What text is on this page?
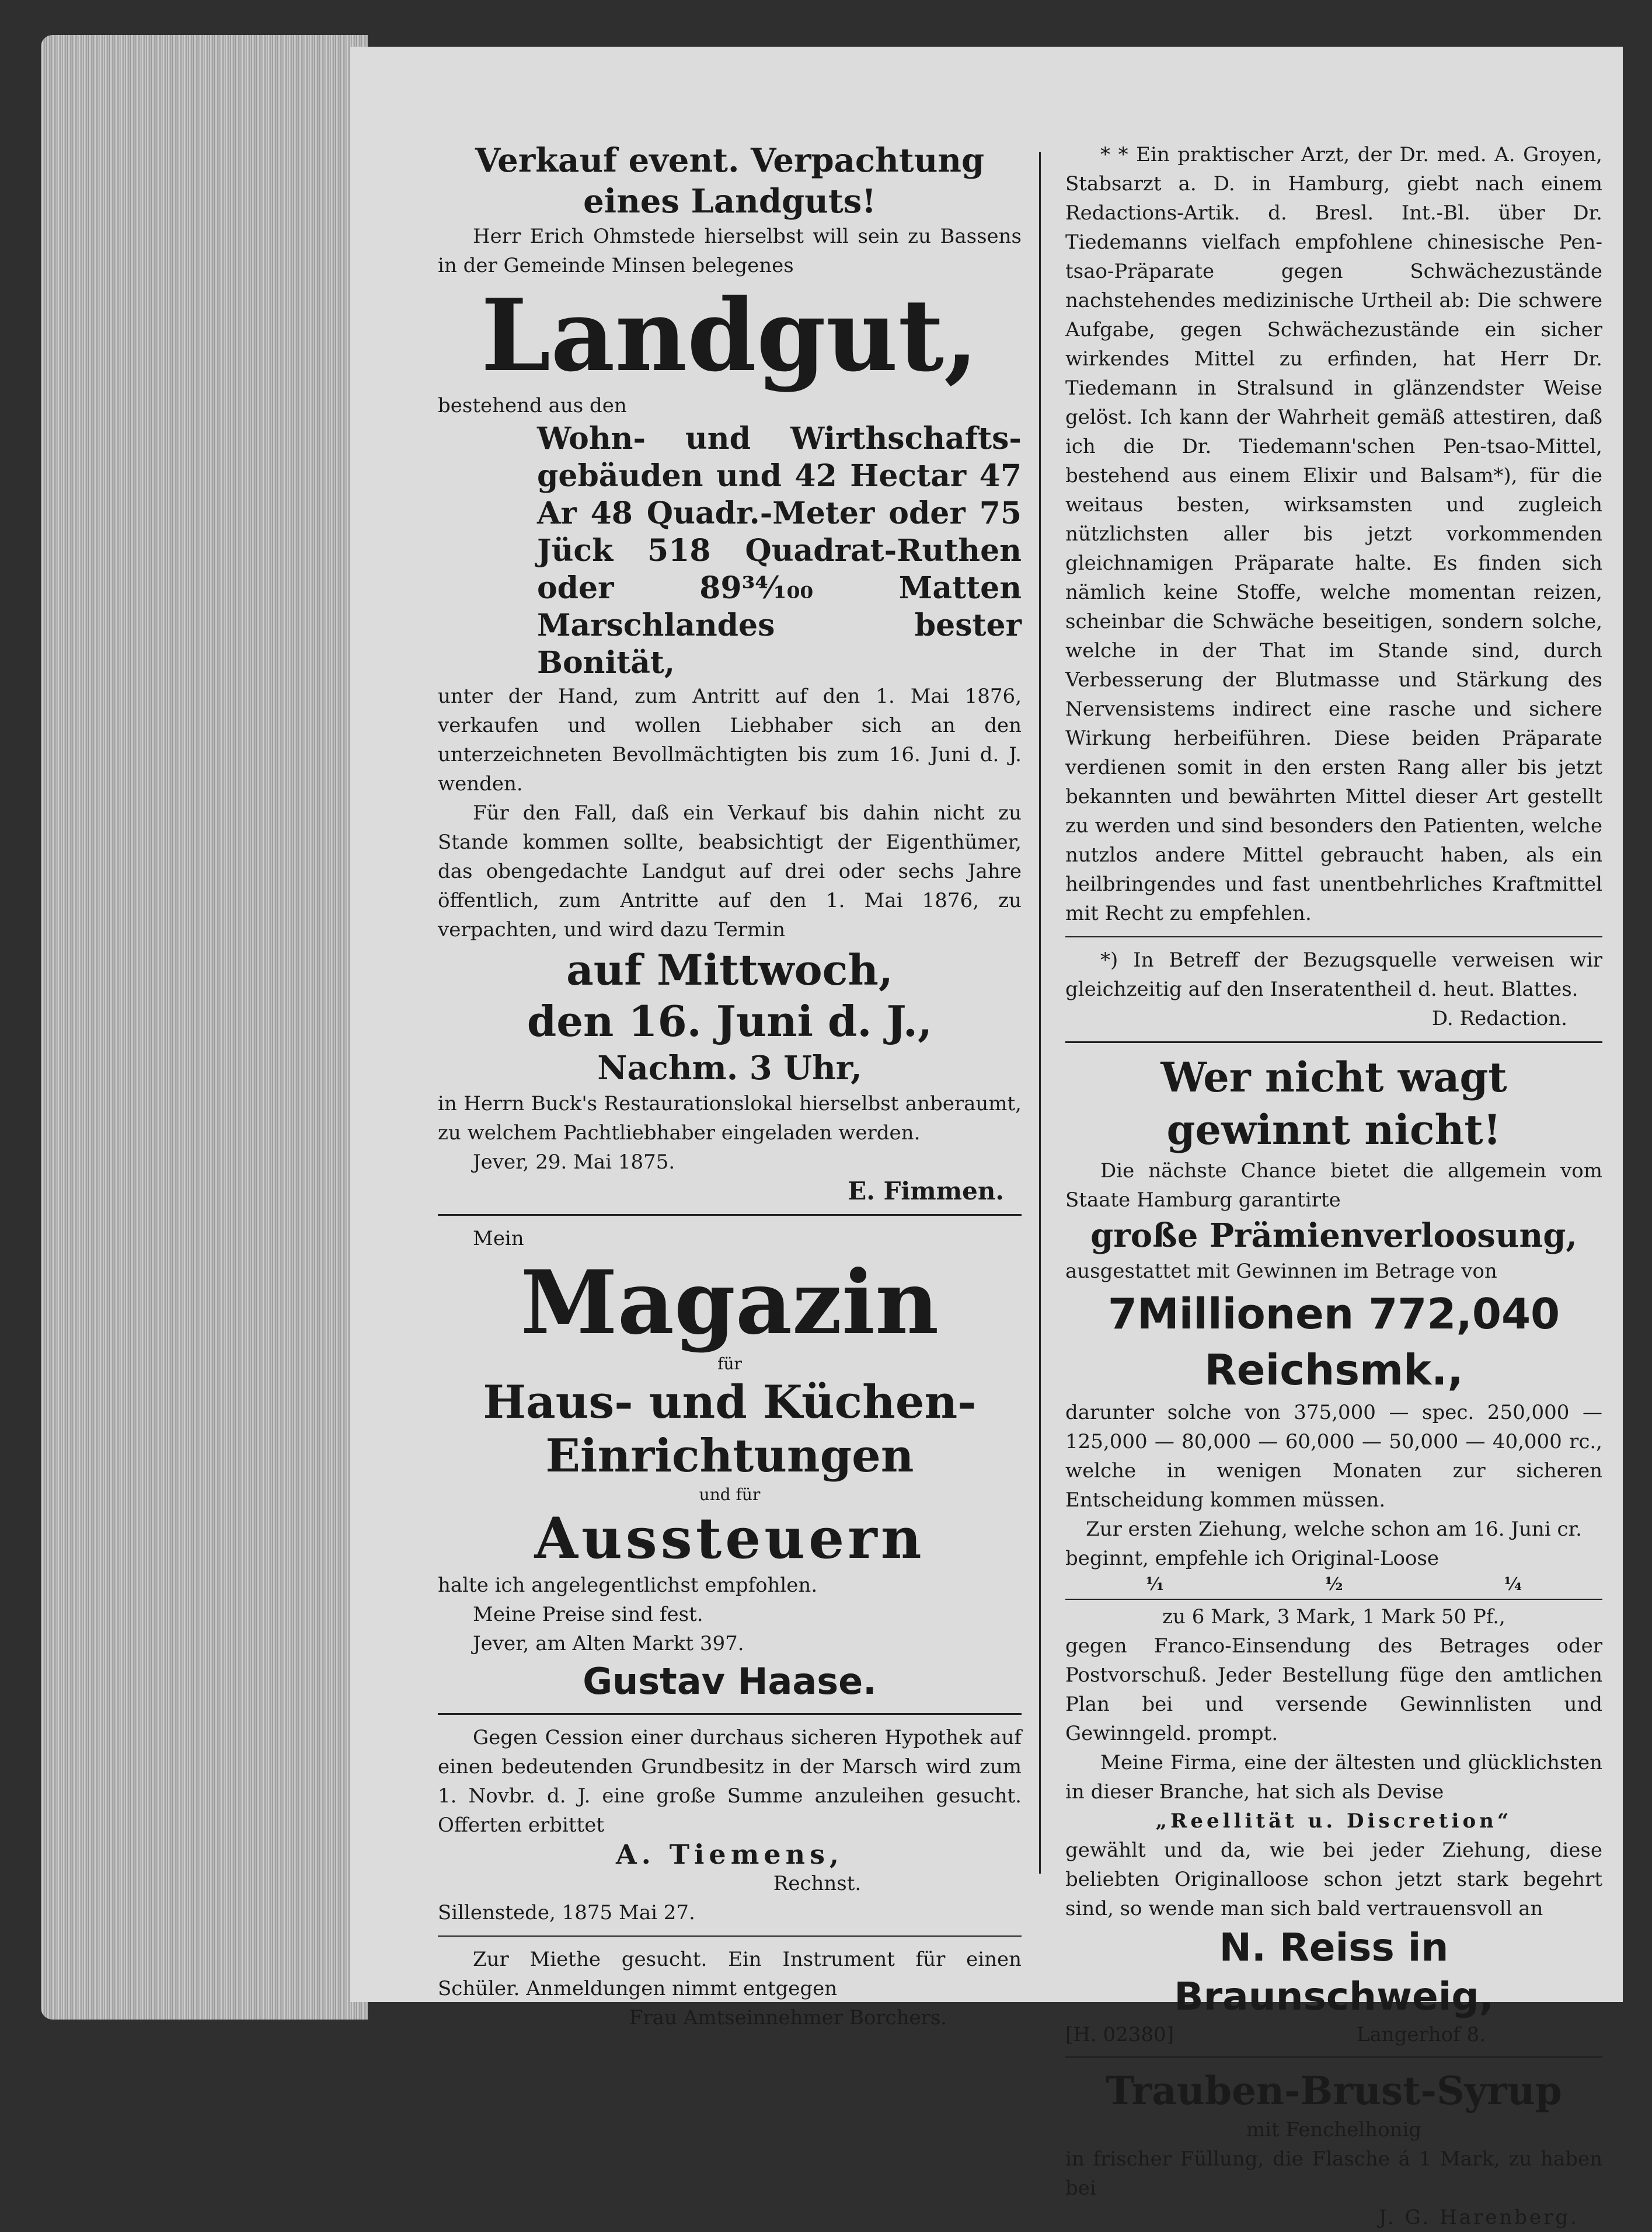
Verkauf event. Verpachtung eines Landguts!

Herr Erich Ohmstede hierselbst will sein zu Bassens in der Gemeinde Minsen belegenes

Landgut,

bestehend aus den

Wohn- und Wirthschafts-gebäuden und 42 Hectar 47 Ar 48 Quadr.-Meter oder 75 Jück 518 Quadrat-Ruthen oder 89³⁴⁄₁₀₀ Matten Marschlandes bester Bonität,

unter der Hand, zum Antritt auf den 1. Mai 1876, verkaufen und wollen Liebhaber sich an den unterzeichneten Bevollmächtigten bis zum 16. Juni d. J. wenden.

Für den Fall, daß ein Verkauf bis dahin nicht zu Stande kommen sollte, beabsichtigt der Eigenthümer, das obengedachte Landgut auf drei oder sechs Jahre öffentlich, zum Antritte auf den 1. Mai 1876, zu verpachten, und wird dazu Termin

auf Mittwoch,

den 16. Juni d. J.,

Nachm. 3 Uhr,

in Herrn Buck's Restaurationslokal hierselbst anberaumt, zu welchem Pachtliebhaber eingeladen werden.

Jever, 29. Mai 1875.

E. Fimmen.

Mein

Magazin

für

Haus- und Küchen-

Einrichtungen

und für

Aussteuern

halte ich angelegentlichst empfohlen.

Meine Preise sind fest.

Jever, am Alten Markt 397.

Gustav Haase.

Gegen Cession einer durchaus sicheren Hypothek auf einen bedeutenden Grundbesitz in der Marsch wird zum 1. Novbr. d. J. eine große Summe anzuleihen gesucht. Offerten erbittet

A. Tiemens,

Rechnst.

Sillenstede, 1875 Mai 27.

Zur Miethe gesucht. Ein Instrument für einen Schüler. Anmeldungen nimmt entgegen

Frau Amtseinnehmer Borchers.

* * Ein praktischer Arzt, der Dr. med. A. Groyen, Stabsarzt a. D. in Hamburg, giebt nach einem Redactions-Artik. d. Bresl. Int.-Bl. über Dr. Tiedemanns vielfach empfohlene chinesische Pen-tsao-Präparate gegen Schwächezustände nachstehendes medizinische Urtheil ab: Die schwere Aufgabe, gegen Schwächezustände ein sicher wirkendes Mittel zu erfinden, hat Herr Dr. Tiedemann in Stralsund in glänzendster Weise gelöst. Ich kann der Wahrheit gemäß attestiren, daß ich die Dr. Tiedemann'schen Pen-tsao-Mittel, bestehend aus einem Elixir und Balsam*), für die weitaus besten, wirksamsten und zugleich nützlichsten aller bis jetzt vorkommenden gleichnamigen Präparate halte. Es finden sich nämlich keine Stoffe, welche momentan reizen, scheinbar die Schwäche beseitigen, sondern solche, welche in der That im Stande sind, durch Verbesserung der Blutmasse und Stärkung des Nervensistems indirect eine rasche und sichere Wirkung herbeiführen. Diese beiden Präparate verdienen somit in den ersten Rang aller bis jetzt bekannten und bewährten Mittel dieser Art gestellt zu werden und sind besonders den Patienten, welche nutzlos andere Mittel gebraucht haben, als ein heilbringendes und fast unentbehrliches Kraftmittel mit Recht zu empfehlen.

*) In Betreff der Bezugsquelle verweisen wir gleichzeitig auf den Inseratentheil d. heut. Blattes.

D. Redaction.

Wer nicht wagt gewinnt nicht!

Die nächste Chance bietet die allgemein vom Staate Hamburg garantirte

große Prämienverloosung,

ausgestattet mit Gewinnen im Betrage von

7Millionen 772,040 Reichsmk.,

darunter solche von 375,000 — spec. 250,000 — 125,000 — 80,000 — 60,000 — 50,000 — 40,000 rc., welche in wenigen Monaten zur sicheren Entscheidung kommen müssen.

Zur ersten Ziehung, welche schon am 16. Juni cr.

beginnt, empfehle ich Original-Loose

¹⁄₁	¹⁄₂	¹⁄₄

zu 6 Mark, 3 Mark, 1 Mark 50 Pf.,

gegen Franco-Einsendung des Betrages oder Postvorschuß. Jeder Bestellung füge den amtlichen Plan bei und versende Gewinnlisten und Gewinngeld. prompt.

Meine Firma, eine der ältesten und glücklichsten in dieser Branche, hat sich als Devise

„Reellität u. Discretion“

gewählt und da, wie bei jeder Ziehung, diese beliebten Originalloose schon jetzt stark begehrt sind, so wende man sich bald vertrauensvoll an

N. Reiss in Braunschweig,

[H. 02380]	Langerhof 8.

Trauben-Brust-Syrup

mit Fenchelhonig

in frischer Füllung, die Flasche á 1 Mark, zu haben bei

J. G. Harenberg.
